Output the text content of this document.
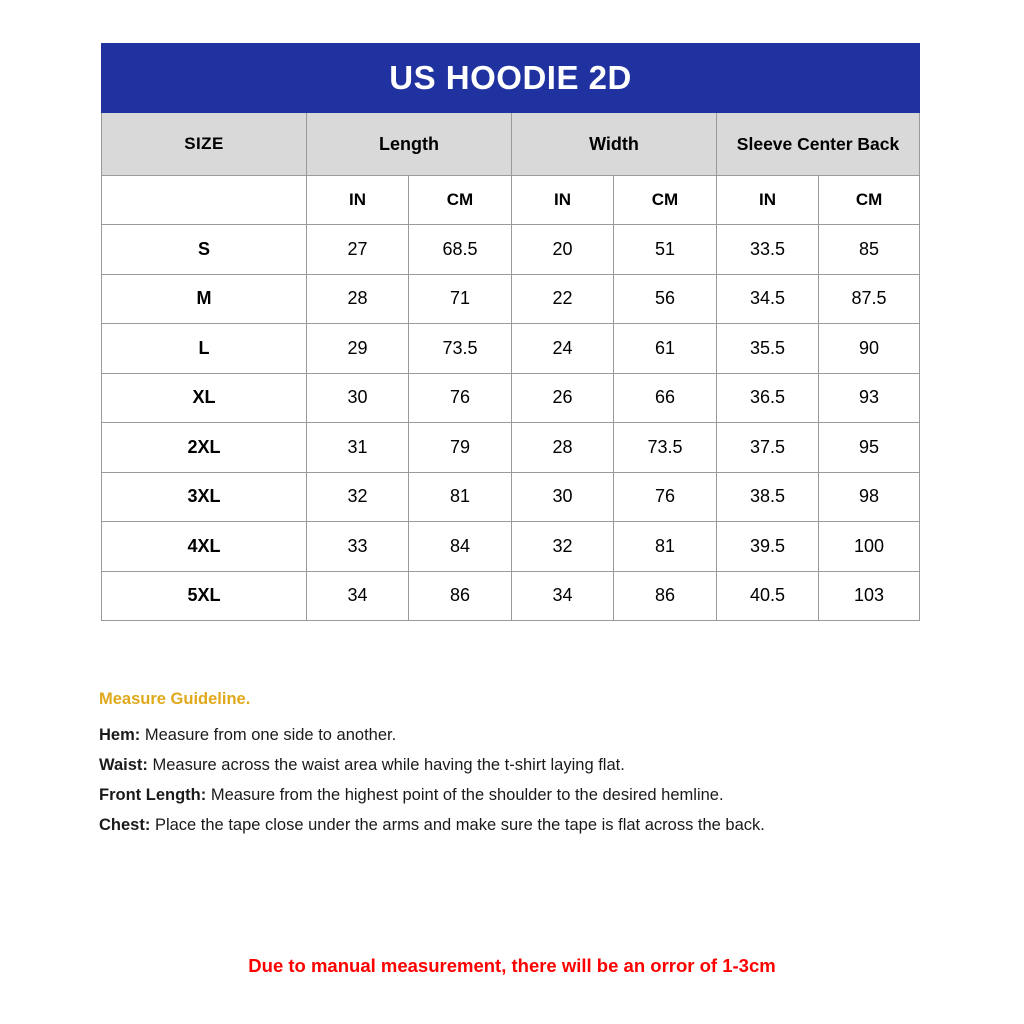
US HOODIE 2D						
SIZE	Length		Width		Sleeve Center Back	
	IN	CM	IN	CM	IN	CM
S	27	68.5	20	51	33.5	85
M	28	71	22	56	34.5	87.5
L	29	73.5	24	61	35.5	90
XL	30	76	26	66	36.5	93
2XL	31	79	28	73.5	37.5	95
3XL	32	81	30	76	38.5	98
4XL	33	84	32	81	39.5	100
5XL	34	86	34	86	40.5	103
Measure Guideline.
Hem: Measure from one side to another.
Waist: Measure across the waist area while having the t-shirt laying flat.
Front Length: Measure from the highest point of the shoulder to the desired hemline.
Chest: Place the tape close under the arms and make sure the tape is flat across the back.
Due to manual measurement, there will be an orror of 1-3cm
